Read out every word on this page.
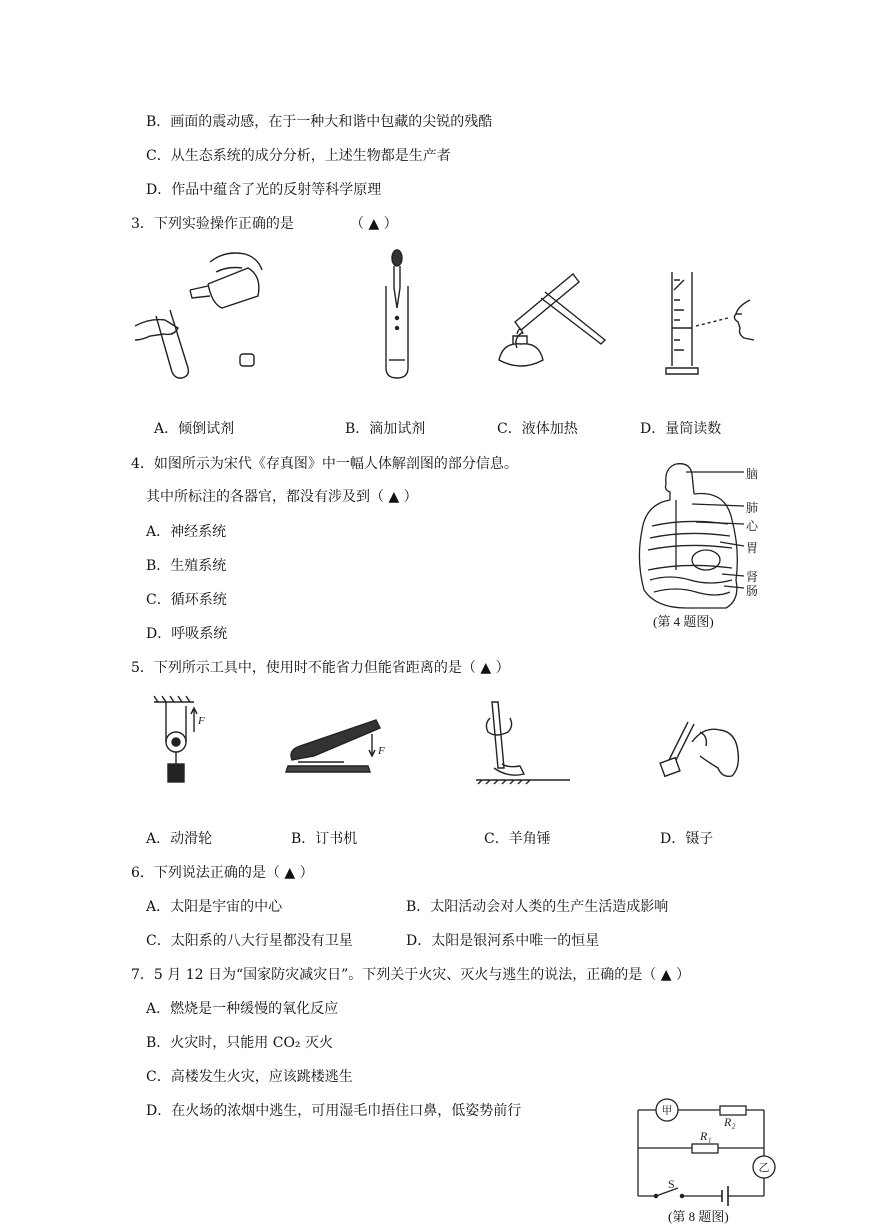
B．画面的震动感，在于一种大和谐中包藏的尖锐的残酷
C．从生态系统的成分分析，上述生物都是生产者
D．作品中蕴含了光的反射等科学原理
3．下列实验操作正确的是	（ ▲ ）
A．倾倒试剂	B．滴加试剂	C．液体加热	D．量筒读数
4．如图所示为宋代《存真图》中一幅人体解剖图的部分信息。
其中所标注的各器官，都没有涉及到（ ▲ ）
A．神经系统
B．生殖系统
C．循环系统
D．呼吸系统
脑
肺
心
胃
肾
肠
(第 4 题图)
5．下列所示工具中，使用时不能省力但能省距离的是（ ▲ ）
F
F
A．动滑轮	B．订书机	C．羊角锤	D．镊子
6．下列说法正确的是（ ▲ ）
A．太阳是宇宙的中心	B．太阳活动会对人类的生产生活造成影响
C．太阳系的八大行星都没有卫星	D．太阳是银河系中唯一的恒星
7．5 月 12 日为“国家防灾减灾日”。下列关于火灾、灭火与逃生的说法，正确的是（ ▲ ）
A．燃烧是一种缓慢的氧化反应
B．火灾时，只能用 CO₂ 灭火
C．高楼发生火灾，应该跳楼逃生
D．在火场的浓烟中逃生，可用湿毛巾捂住口鼻，低姿势前行	甲
乙
R₁
R₂
S
(第 8 题图)
